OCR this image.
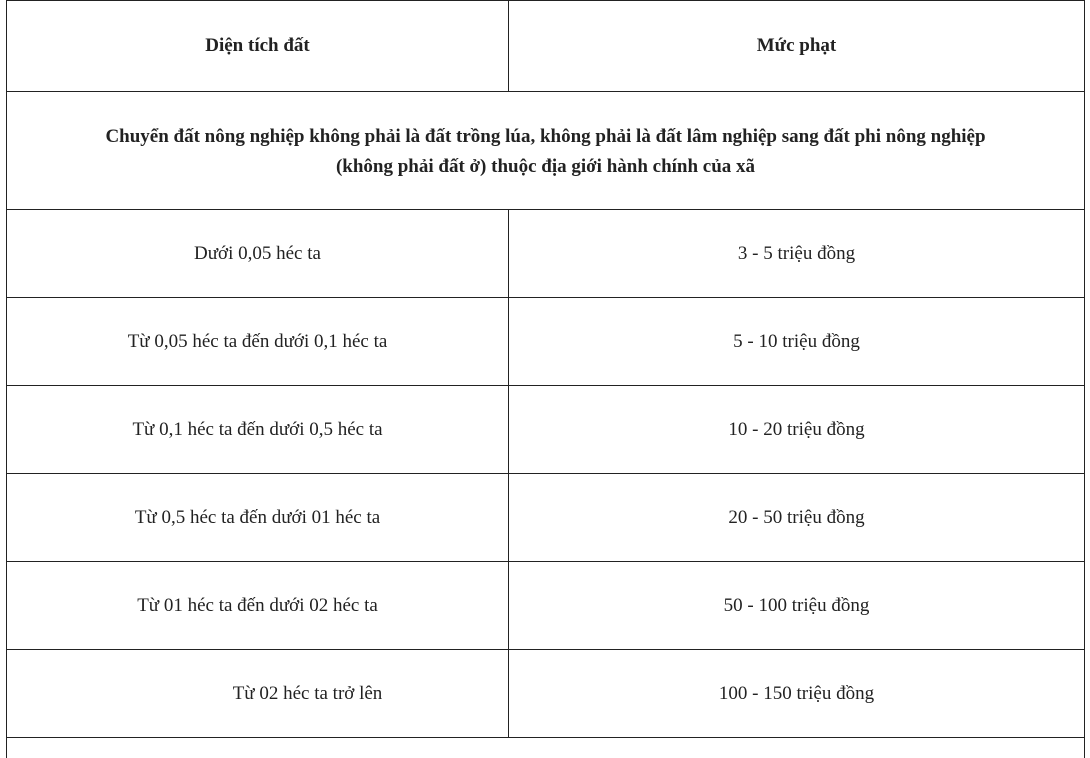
Diện tích đất	Mức phạt
Chuyển đất nông nghiệp không phải là đất trồng lúa, không phải là đất lâm nghiệp sang đất phi nông nghiệp
(không phải đất ở) thuộc địa giới hành chính của xã	
Dưới 0,05 héc ta	3 - 5 triệu đồng
Từ 0,05 héc ta đến dưới 0,1 héc ta	5 - 10 triệu đồng
Từ 0,1 héc ta đến dưới 0,5 héc ta	10 - 20 triệu đồng
Từ 0,5 héc ta đến dưới 01 héc ta	20 - 50 triệu đồng
Từ 01 héc ta đến dưới 02 héc ta	50 - 100 triệu đồng
Từ 02 héc ta trở lên	100 - 150 triệu đồng
